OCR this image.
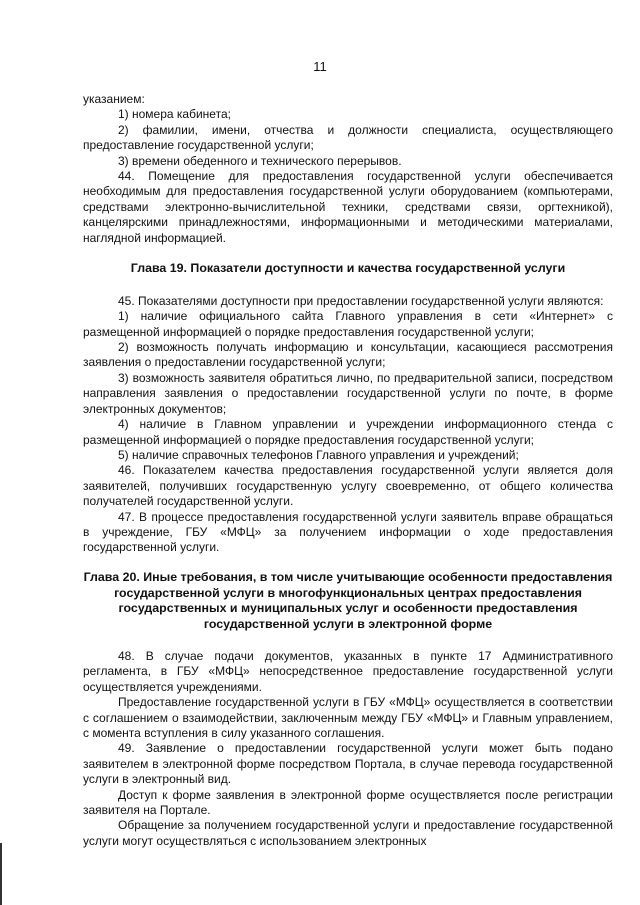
11

указанием:

1) номера кабинета;

2) фамилии, имени, отчества и должности специалиста, осуществляющего предоставление государственной услуги;

3) времени обеденного и технического перерывов.

44. Помещение для предоставления государственной услуги обеспечивается необходимым для предоставления государственной услуги оборудованием (компьютерами, средствами электронно-вычислительной техники, средствами связи, оргтехникой), канцелярскими принадлежностями, информационными и методическими материалами, наглядной информацией.

Глава 19. Показатели доступности и качества государственной услуги

45. Показателями доступности при предоставлении государственной услуги являются:

1) наличие официального сайта Главного управления в сети «Интернет» с размещенной информацией о порядке предоставления государственной услуги;

2) возможность получать информацию и консультации, касающиеся рассмотрения заявления о предоставлении государственной услуги;

3) возможность заявителя обратиться лично, по предварительной записи, посредством направления заявления о предоставлении государственной услуги по почте, в форме электронных документов;

4) наличие в Главном управлении и учреждении информационного стенда с размещенной информацией о порядке предоставления государственной услуги;

5) наличие справочных телефонов Главного управления и учреждений;

46. Показателем качества предоставления государственной услуги является доля заявителей, получивших государственную услугу своевременно, от общего количества получателей государственной услуги.

47. В процессе предоставления государственной услуги заявитель вправе обращаться в учреждение, ГБУ «МФЦ» за получением информации о ходе предоставления государственной услуги.

Глава 20. Иные требования, в том числе учитывающие особенности предоставления государственной услуги в многофункциональных центрах предоставления государственных и муниципальных услуг и особенности предоставления государственной услуги в электронной форме

48. В случае подачи документов, указанных в пункте 17 Административного регламента, в ГБУ «МФЦ» непосредственное предоставление государственной услуги осуществляется учреждениями.

Предоставление государственной услуги в ГБУ «МФЦ» осуществляется в соответствии с соглашением о взаимодействии, заключенным между ГБУ «МФЦ» и Главным управлением, с момента вступления в силу указанного соглашения.

49. Заявление о предоставлении государственной услуги может быть подано заявителем в электронной форме посредством Портала, в случае перевода государственной услуги в электронный вид.

Доступ к форме заявления в электронной форме осуществляется после регистрации заявителя на Портале.

Обращение за получением государственной услуги и предоставление государственной услуги могут осуществляться с использованием электронных
